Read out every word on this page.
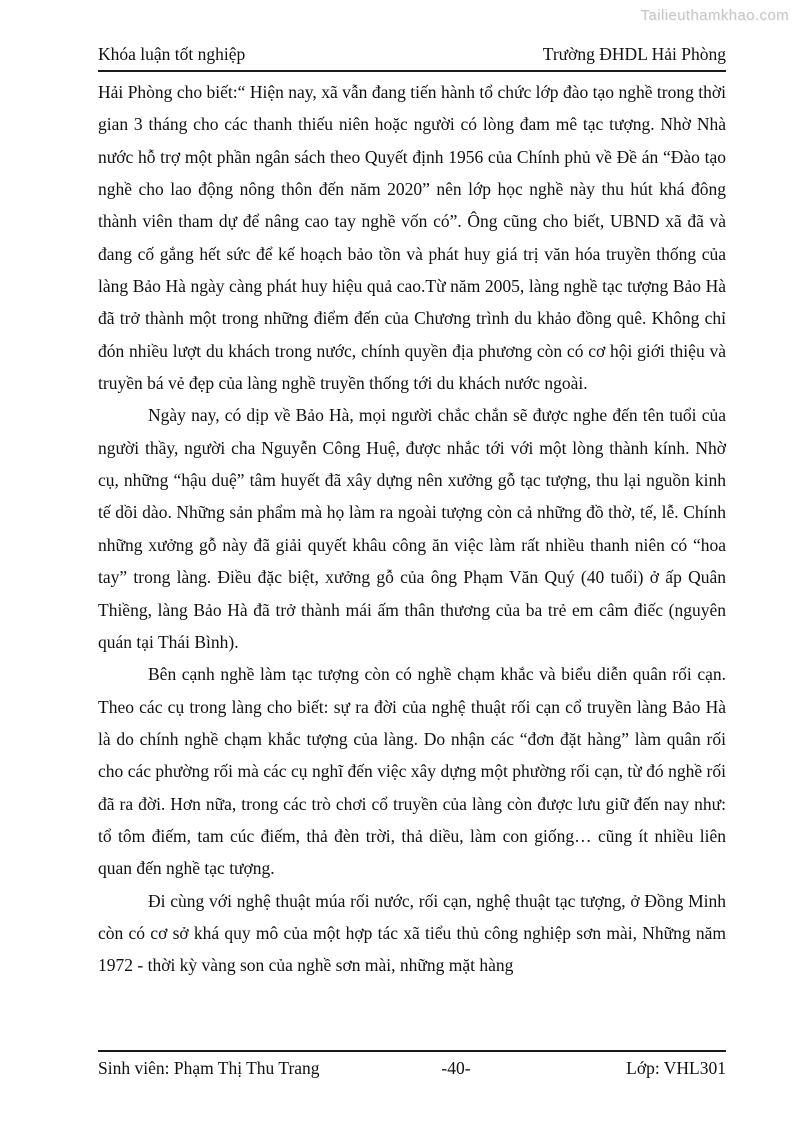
Tailieuthamkhao.com
Khóa luận tốt nghiệp	Trường ĐHDL Hải Phòng

Hải Phòng cho biết:“ Hiện nay, xã vẫn đang tiến hành tổ chức lớp đào tạo nghề trong thời gian 3 tháng cho các thanh thiếu niên hoặc người có lòng đam mê tạc tượng. Nhờ Nhà nước hỗ trợ một phần ngân sách theo Quyết định 1956 của Chính phủ về Đề án “Đào tạo nghề cho lao động nông thôn đến năm 2020” nên lớp học nghề này thu hút khá đông thành viên tham dự để nâng cao tay nghề vốn có”. Ông cũng cho biết, UBND xã đã và đang cố gắng hết sức để kế hoạch bảo tồn và phát huy giá trị văn hóa truyền thống của làng Bảo Hà ngày càng phát huy hiệu quả cao.Từ năm 2005, làng nghề tạc tượng Bảo Hà đã trở thành một trong những điểm đến của Chương trình du khảo đồng quê. Không chỉ đón nhiều lượt du khách trong nước, chính quyền địa phương còn có cơ hội giới thiệu và truyền bá vẻ đẹp của làng nghề truyền thống tới du khách nước ngoài.

Ngày nay, có dịp về Bảo Hà, mọi người chắc chắn sẽ được nghe đến tên tuổi của người thầy, người cha Nguyễn Công Huệ, được nhắc tới với một lòng thành kính. Nhờ cụ, những “hậu duệ” tâm huyết đã xây dựng nên xưởng gỗ tạc tượng, thu lại nguồn kinh tế dồi dào. Những sản phẩm mà họ làm ra ngoài tượng còn cả những đồ thờ, tế, lễ. Chính những xưởng gỗ này đã giải quyết khâu công ăn việc làm rất nhiều thanh niên có “hoa tay” trong làng. Điều đặc biệt, xưởng gỗ của ông Phạm Văn Quý (40 tuổi) ở ấp Quân Thiềng, làng Bảo Hà đã trở thành mái ấm thân thương của ba trẻ em câm điếc (nguyên quán tại Thái Bình).

Bên cạnh nghề làm tạc tượng còn có nghề chạm khắc và biểu diễn quân rối cạn. Theo các cụ trong làng cho biết: sự ra đời của nghệ thuật rối cạn cổ truyền làng Bảo Hà là do chính nghề chạm khắc tượng của làng. Do nhận các “đơn đặt hàng” làm quân rối cho các phường rối mà các cụ nghĩ đến việc xây dựng một phường rối cạn, từ đó nghề rối đã ra đời. Hơn nữa, trong các trò chơi cổ truyền của làng còn được lưu giữ đến nay như: tổ tôm điếm, tam cúc điếm, thả đèn trời, thả diều, làm con giống… cũng ít nhiều liên quan đến nghề tạc tượng.

Đi cùng với nghệ thuật múa rối nước, rối cạn, nghệ thuật tạc tượng, ở Đồng Minh còn có cơ sở khá quy mô của một hợp tác xã tiểu thủ công nghiệp sơn mài, Những năm 1972 - thời kỳ vàng son của nghề sơn mài, những mặt hàng

Sinh viên: Phạm Thị Thu Trang	-40-	Lớp: VHL301
